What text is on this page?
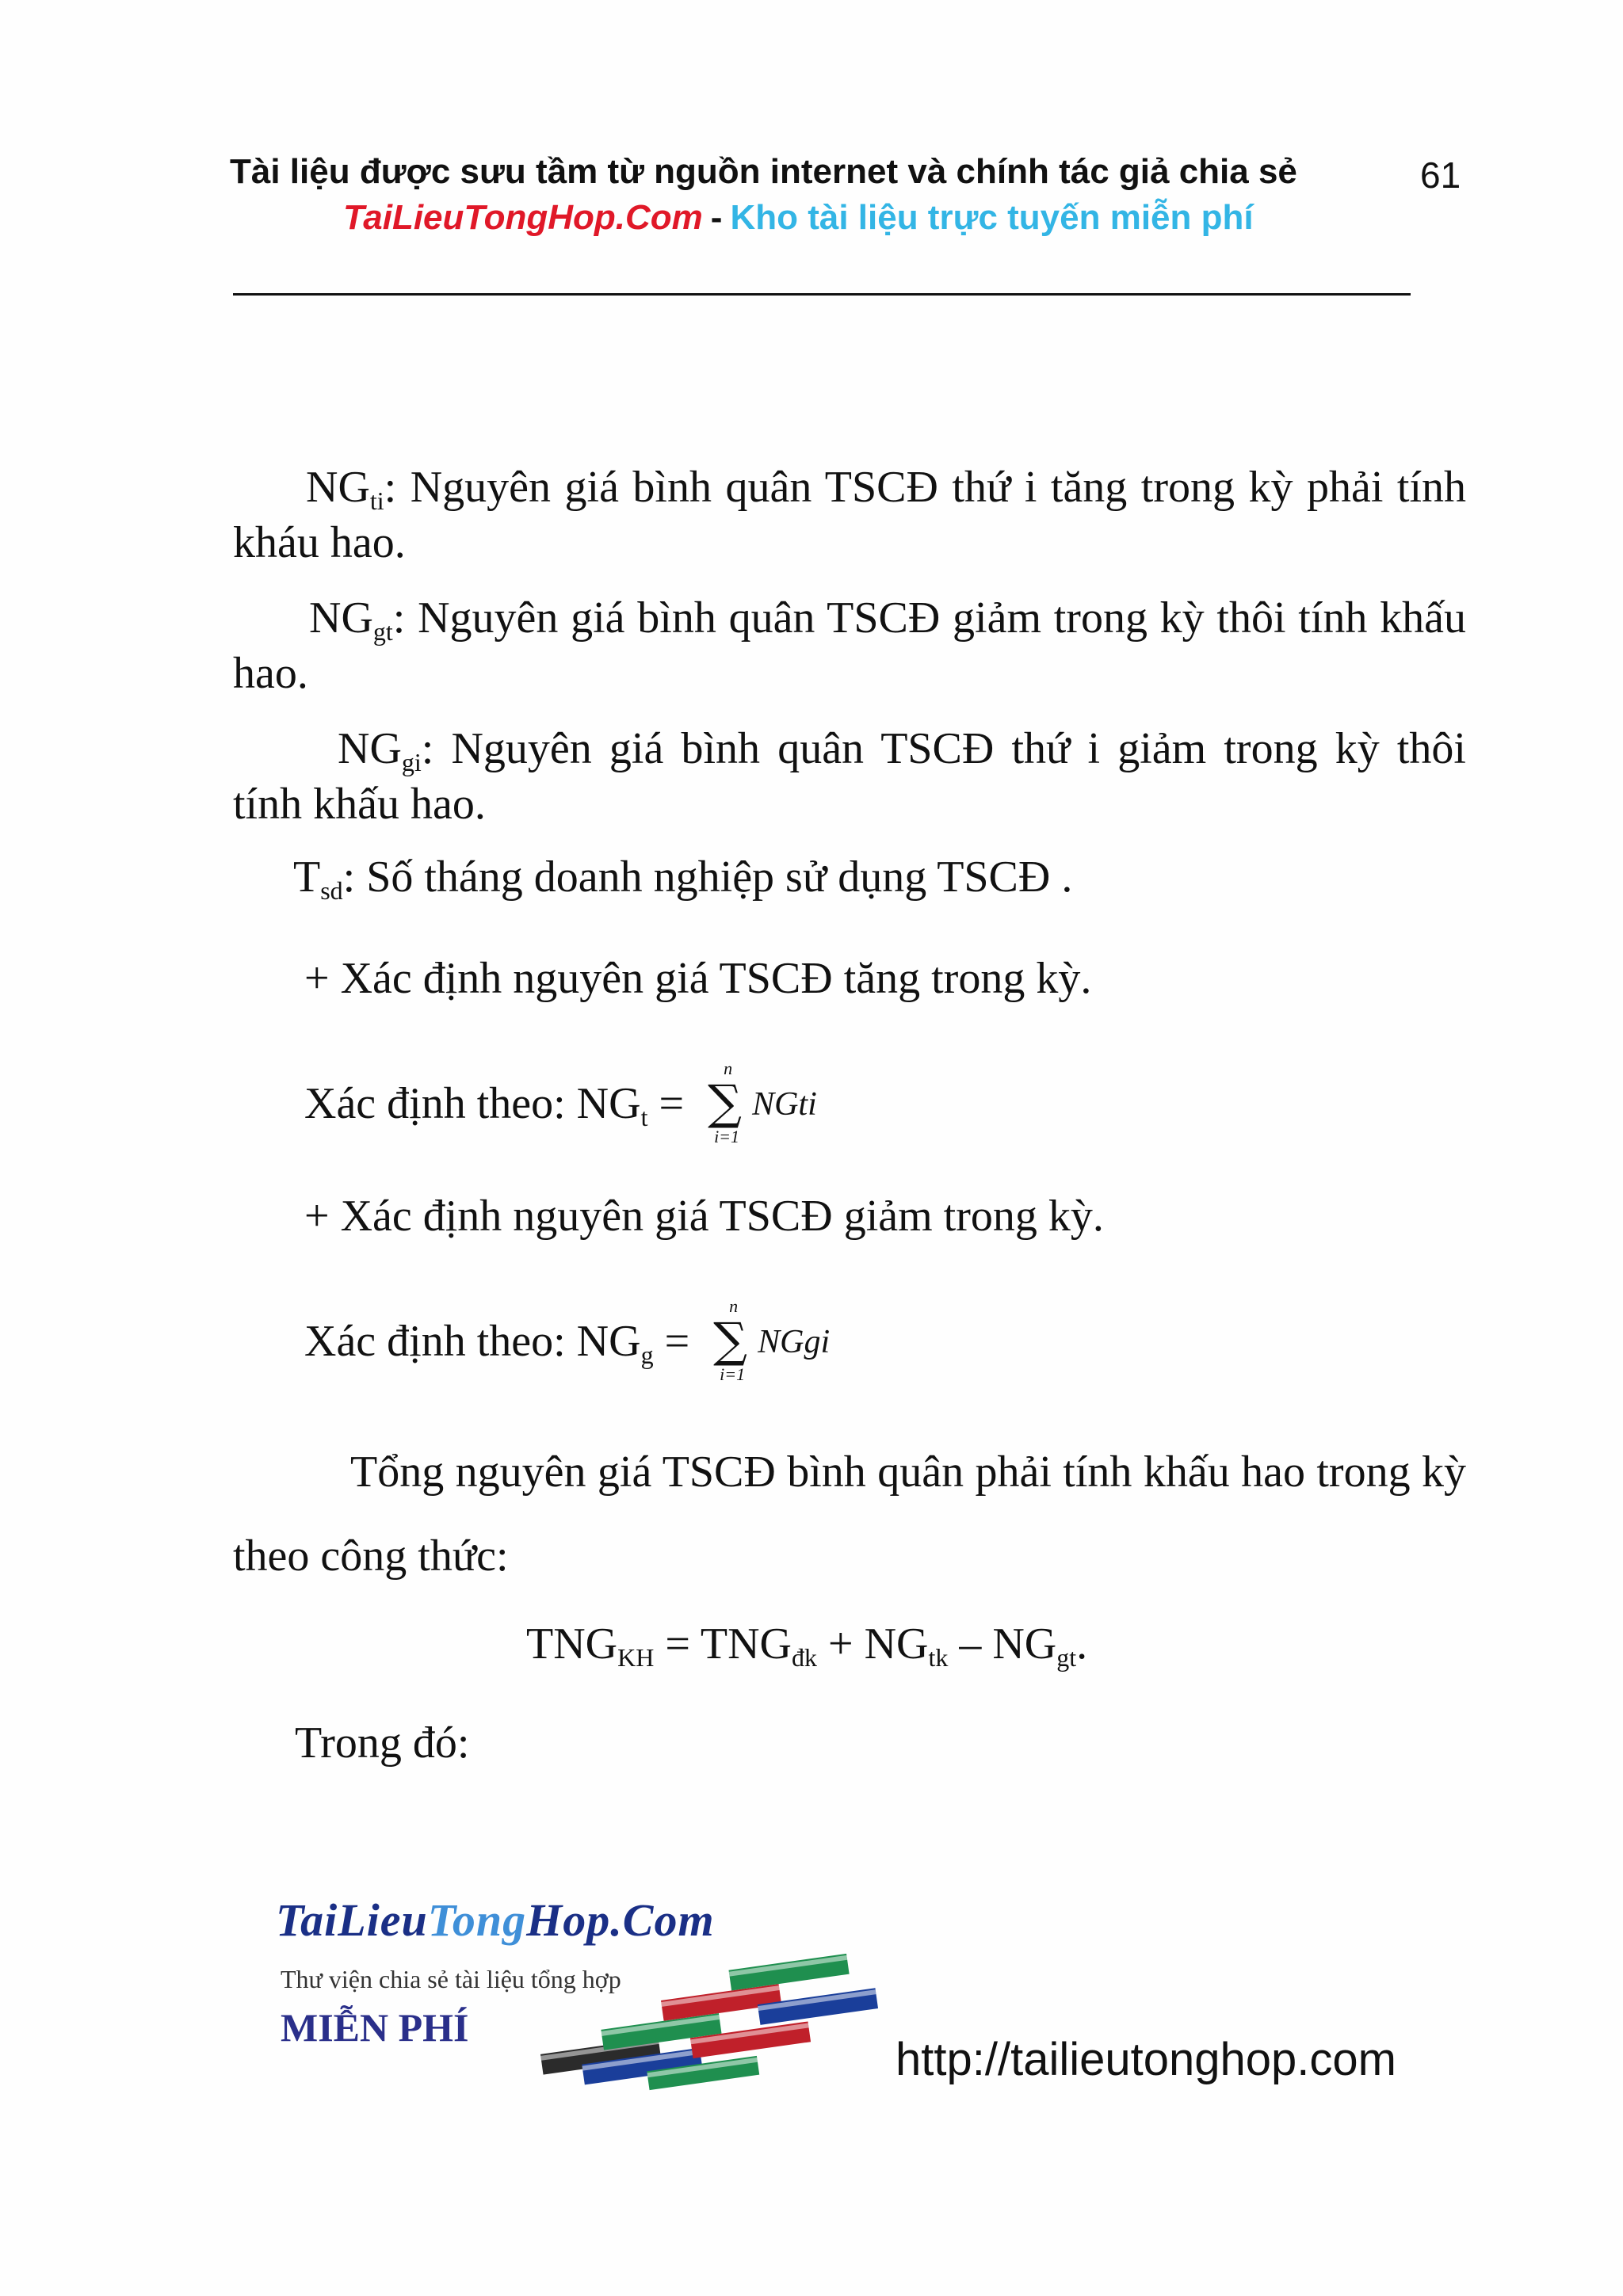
Tài liệu được sưu tầm từ nguồn internet và chính tác giả chia sẻ	61
TaiLieuTongHop.Com - Kho tài liệu trực tuyến miễn phí
$NG_{ti}$: Nguyên giá bình quân TSCĐ thứ i tăng trong kỳ phải tính kháu hao.
$NG_{gt}$: Nguyên giá bình quân TSCĐ giảm trong kỳ thôi tính khấu hao.
$NG_{gi}$: Nguyên giá bình quân TSCĐ thứ i giảm trong kỳ thôi tính khấu hao.
$T_{sd}$: Số tháng doanh nghiệp sử dụng TSCĐ .
+ Xác định nguyên giá TSCĐ tăng trong kỳ.
Xác định theo: $NG_t$ =
n
∑
i=1
NGti
+ Xác định nguyên giá TSCĐ giảm trong kỳ.
Xác định theo: $NG_g$ =
n
∑
i=1
NGgi
Tổng nguyên giá TSCĐ bình quân phải tính khấu hao trong kỳ theo công thức:
$TNG_{KH} = TNG_{đk} + NG_{tk} - NG_{gt}$.
Trong đó:
TaiLieuTongHop.Com
Thư viện chia sẻ tài liệu tổng hợp
MIỄN PHÍ
http://tailieutonghop.com
